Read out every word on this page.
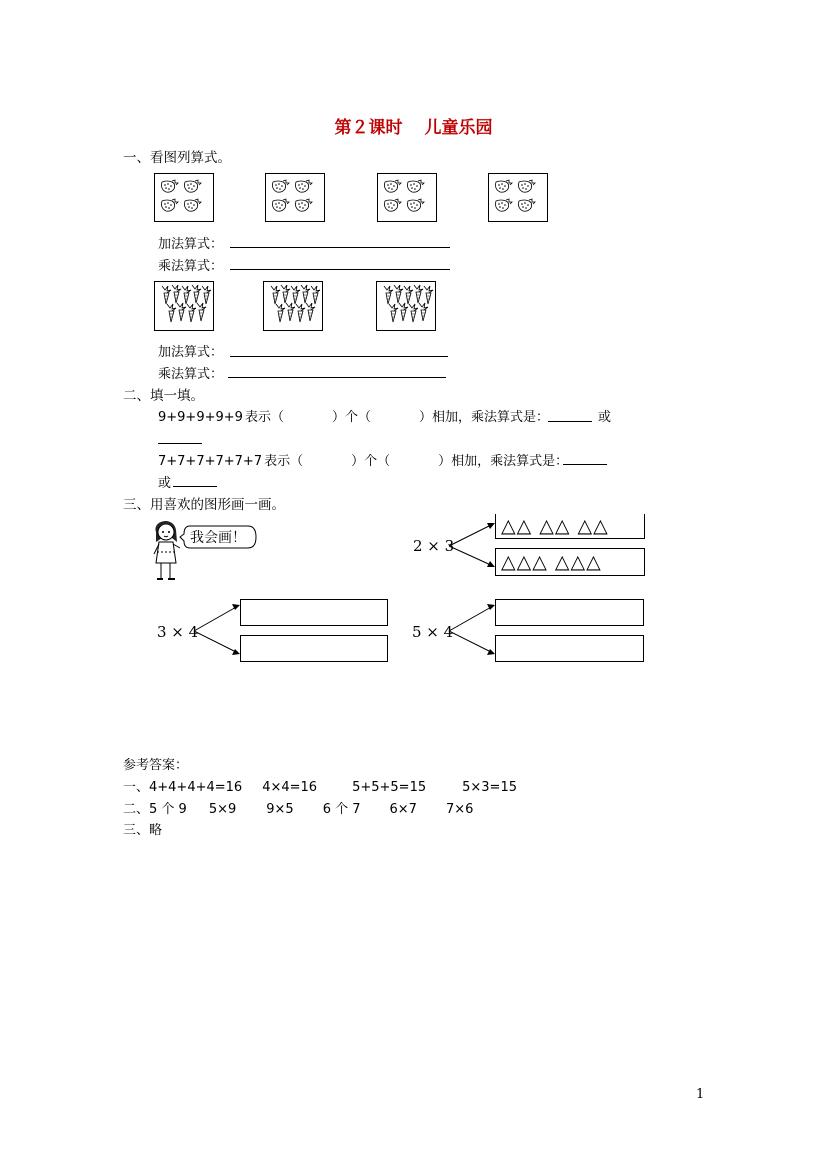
第２课时 儿童乐园
一、看图列算式。
加法算式：
乘法算式：
加法算式：
乘法算式：
二、填一填。
9+9+9+9+9 表示（	）个（	）相加，乘法算式是：	或
7+7+7+7+7+7 表示（	）个（	）相加，乘法算式是：
或
三、用喜欢的图形画一画。
我会画！	2 × 3
△△ △△ △△
△△△ △△△
3 × 4	5 × 4
参考答案：
一、4+4+4+4=16 4×4=16	5+5+5=15	5×3=15
二、5 个 9 5×9 9×5 6 个 7 6×7 7×6
三、略
1
